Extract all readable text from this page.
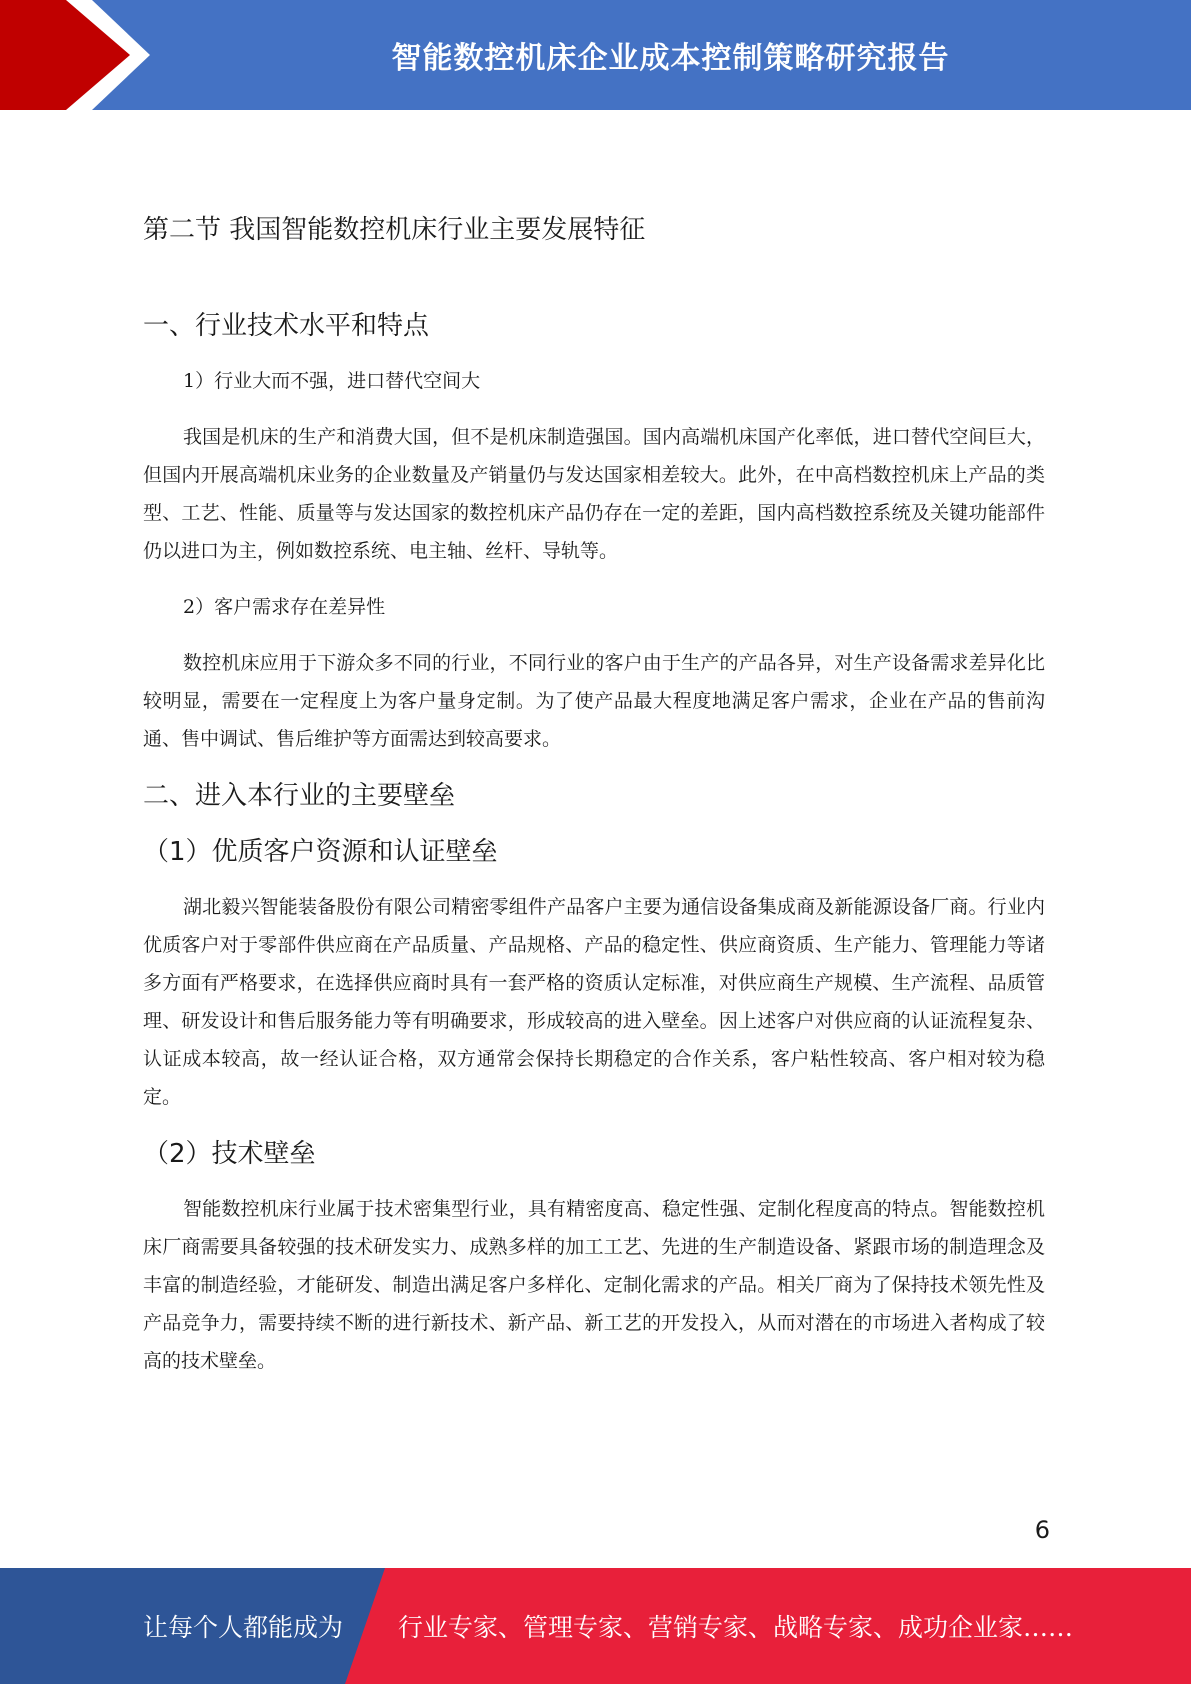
智能数控机床企业成本控制策略研究报告
第二节 我国智能数控机床行业主要发展特征
一、行业技术水平和特点
1）行业大而不强，进口替代空间大

我国是机床的生产和消费大国，但不是机床制造强国。国内高端机床国产化率低，进口替代空间巨大，但国内开展高端机床业务的企业数量及产销量仍与发达国家相差较大。此外，在中高档数控机床上产品的类型、工艺、性能、质量等与发达国家的数控机床产品仍存在一定的差距，国内高档数控系统及关键功能部件仍以进口为主，例如数控系统、电主轴、丝杆、导轨等。

2）客户需求存在差异性

数控机床应用于下游众多不同的行业，不同行业的客户由于生产的产品各异，对生产设备需求差异化比较明显，需要在一定程度上为客户量身定制。为了使产品最大程度地满足客户需求，企业在产品的售前沟通、售中调试、售后维护等方面需达到较高要求。

二、进入本行业的主要壁垒
（1）优质客户资源和认证壁垒

湖北毅兴智能装备股份有限公司精密零组件产品客户主要为通信设备集成商及新能源设备厂商。行业内优质客户对于零部件供应商在产品质量、产品规格、产品的稳定性、供应商资质、生产能力、管理能力等诸多方面有严格要求，在选择供应商时具有一套严格的资质认定标准，对供应商生产规模、生产流程、品质管理、研发设计和售后服务能力等有明确要求，形成较高的进入壁垒。因上述客户对供应商的认证流程复杂、认证成本较高，故一经认证合格，双方通常会保持长期稳定的合作关系，客户粘性较高、客户相对较为稳定。

（2）技术壁垒

智能数控机床行业属于技术密集型行业，具有精密度高、稳定性强、定制化程度高的特点。智能数控机床厂商需要具备较强的技术研发实力、成熟多样的加工工艺、先进的生产制造设备、紧跟市场的制造理念及丰富的制造经验，才能研发、制造出满足客户多样化、定制化需求的产品。相关厂商为了保持技术领先性及产品竞争力，需要持续不断的进行新技术、新产品、新工艺的开发投入，从而对潜在的市场进入者构成了较高的技术壁垒。

6
让每个人都能成为 行业专家、管理专家、营销专家、战略专家、成功企业家……
